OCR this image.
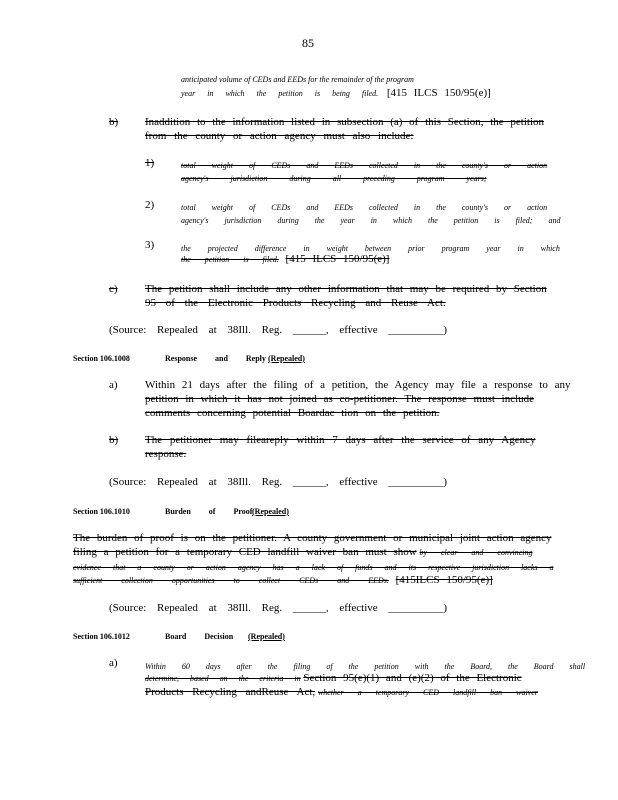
85
anticipated volume of CEDs and EEDs for the remainder of the program
year in which the petition is being filed. [415 ILCS 150/95(e)]
b) Inaddition to the information listed in subsection (a) of this Section, the petition
from the county or action agency must also include:
1)	total weight of CEDs and EEDs collected in the county's or action
agency's jurisdiction during all preceding program years;
2)	total weight of CEDs and EEDs collected in the county's or action
agency's jurisdiction during the year in which the petition is filed; and
3)	the projected difference in weight between prior program year in which
the petition is filed. [415 ILCS 150/95(e)]
c) The petition shall include any other information that may be required by Section
95 of the Electronic Products Recycling and Reuse Act.
(Source: Repealed at 38Ill. Reg. ______, effective __________)
Section 106.1008	Response and Reply (Repealed)
a) Within 21 days after the filing of a petition, the Agency may file a response to any
petition in which it has not joined as co-petitioner. The response must include
comments concerning potential Boardac tion on the petition.
b) The petitioner may fileareply within 7 days after the service of any Agency
response.
(Source: Repealed at 38Ill. Reg. ______, effective __________)
Section 106.1010	Burden of Proof (Repealed)
The burden of proof is on the petitioner. A county government or municipal joint action agency
filing a petition for a temporary CED landfill waiver ban must show by clear and convincing
evidence that a county or action agency has a lack of funds and its respective jurisdiction lacks a
sufficient collection opportunities to collect CEDs and EEDs. [415ILCS 150/95(e)]
(Source: Repealed at 38Ill. Reg. ______, effective __________)
Section 106.1012	Board Decision (Repealed)
a)	Within 60 days after the filing of the petition with the Board, the Board shall
determine, based on the criteria in Section 95(e)(1) and (e)(2) of the Electronic
Products Recycling andReuse Act, whether a temporary CED landfill ban waiver
